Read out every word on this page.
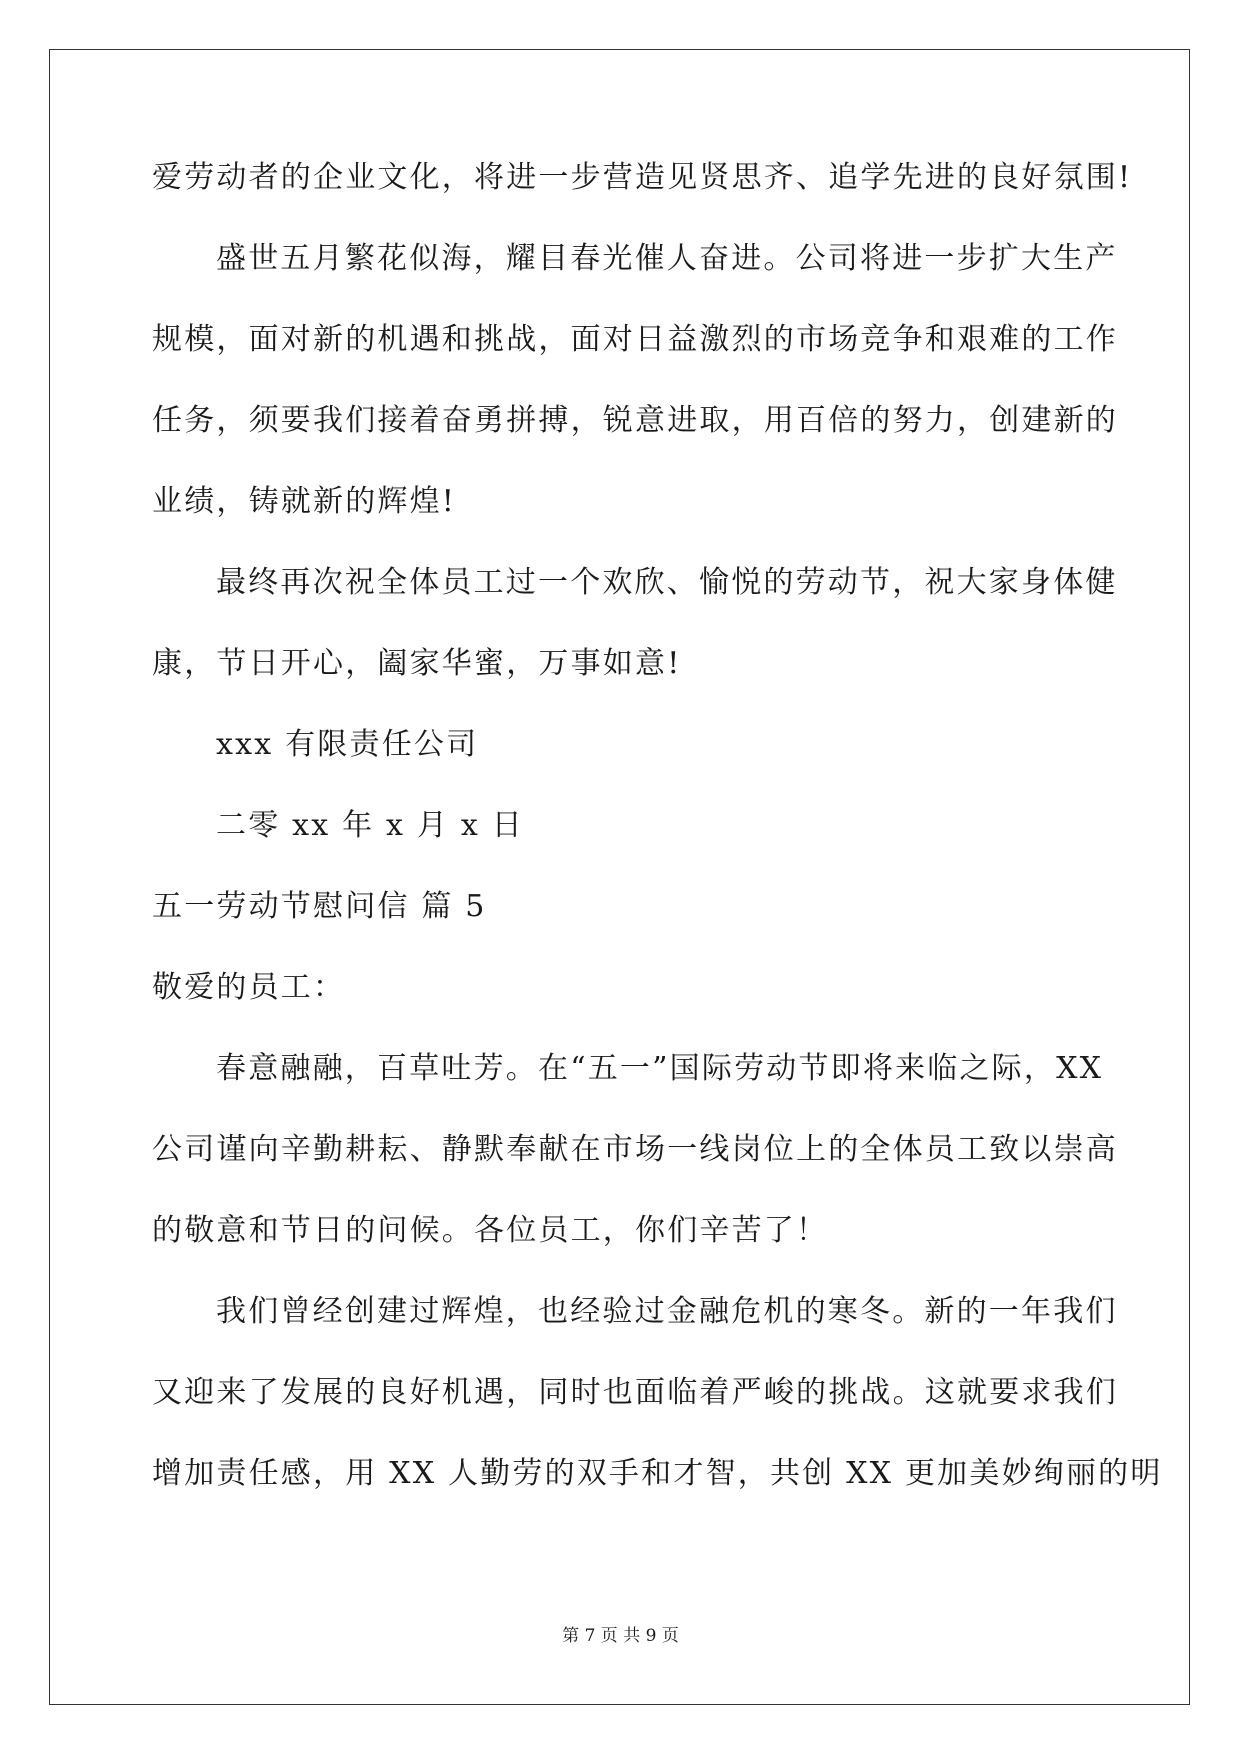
爱劳动者的企业文化，将进一步营造见贤思齐、追学先进的良好氛围!
盛世五月繁花似海，耀目春光催人奋进。公司将进一步扩大生产
规模，面对新的机遇和挑战，面对日益激烈的市场竞争和艰难的工作
任务，须要我们接着奋勇拼搏，锐意进取，用百倍的努力，创建新的
业绩，铸就新的辉煌!
最终再次祝全体员工过一个欢欣、愉悦的劳动节，祝大家身体健
康，节日开心，阖家华蜜，万事如意!
xxx 有限责任公司
二零 xx 年 x 月 x 日
五一劳动节慰问信 篇 5
敬爱的员工：
春意融融，百草吐芳。在“五一”国际劳动节即将来临之际，XX
公司谨向辛勤耕耘、静默奉献在市场一线岗位上的全体员工致以崇高
的敬意和节日的问候。各位员工，你们辛苦了！
我们曾经创建过辉煌，也经验过金融危机的寒冬。新的一年我们
又迎来了发展的良好机遇，同时也面临着严峻的挑战。这就要求我们
增加责任感，用 XX 人勤劳的双手和才智，共创 XX 更加美妙绚丽的明
第 7 页 共 9 页
